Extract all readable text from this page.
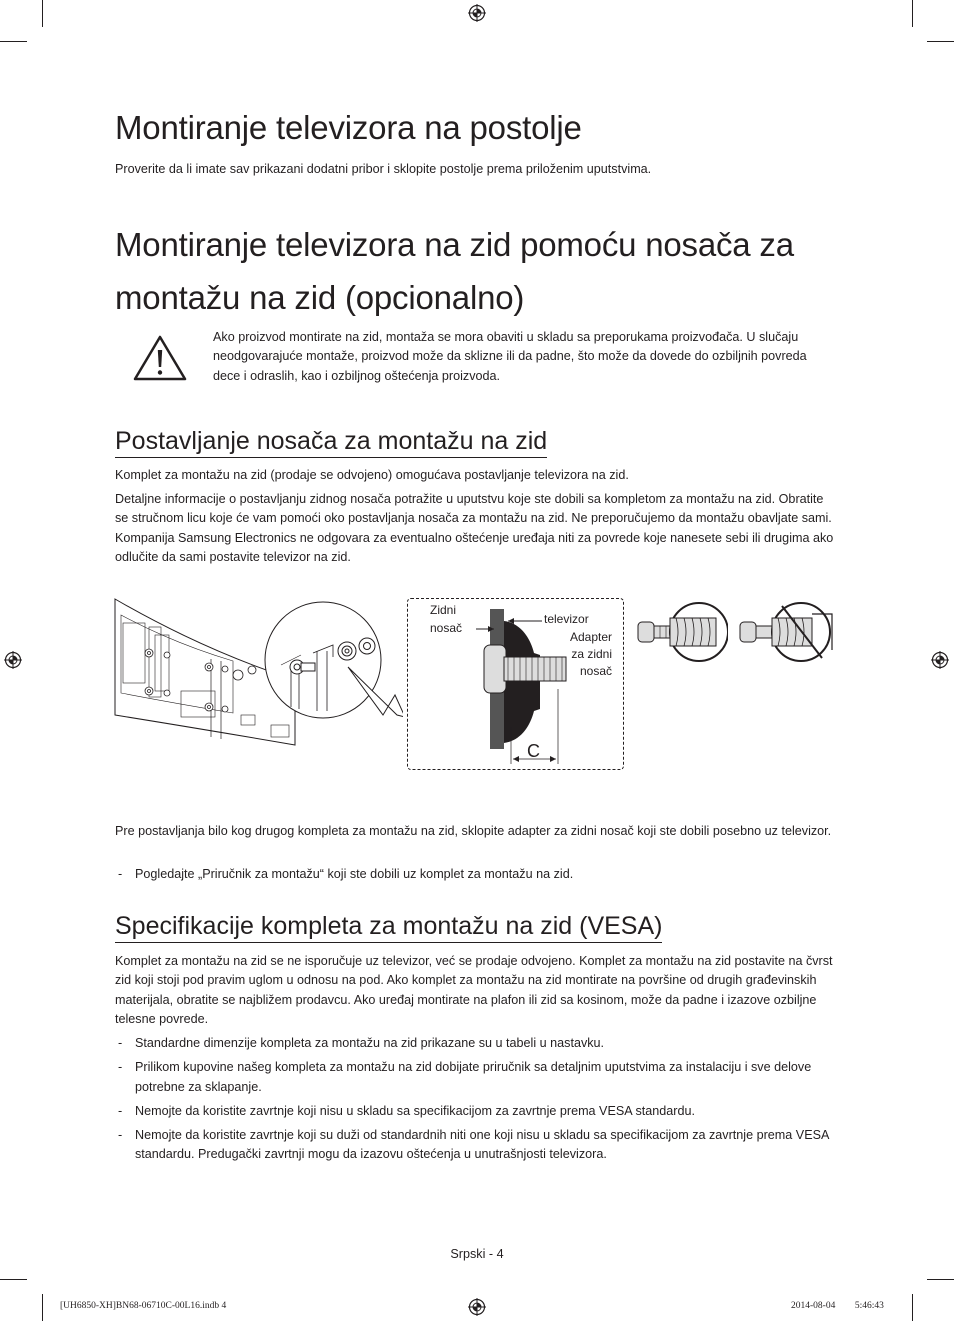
Montiranje televizora na postolje

Proverite da li imate sav prikazani dodatni pribor i sklopite postolje prema priloženim uputstvima.

Montiranje televizora na zid pomoću nosača za
montažu na zid (opcionalno)

Ako proizvod montirate na zid, montaža se mora obaviti u skladu sa preporukama proizvođača. U slučaju neodgovarajuće montaže, proizvod može da sklizne ili da padne, što može da dovede do ozbiljnih povreda dece i odraslih, kao i ozbiljnog oštećenja proizvoda.

Postavljanje nosača za montažu na zid

Komplet za montažu na zid (prodaje se odvojeno) omogućava postavljanje televizora na zid.

Detaljne informacije o postavljanju zidnog nosača potražite u uputstvu koje ste dobili sa kompletom za montažu na zid. Obratite se stručnom licu koje će vam pomoći oko postavljanja nosača za montažu na zid. Ne preporučujemo da montažu obavljate sami. Kompanija Samsung Electronics ne odgovara za eventualno oštećenje uređaja niti za povrede koje nanesete sebi ili drugima ako odlučite da sami postavite televizor na zid.

Zidni
nosač
televizor
Adapter
za zidni
nosač
C

Pre postavljanja bilo kog drugog kompleta za montažu na zid, sklopite adapter za zidni nosač koji ste dobili posebno uz televizor.

- Pogledajte „Priručnik za montažu“ koji ste dobili uz komplet za montažu na zid.
Specifikacije kompleta za montažu na zid (VESA)

Komplet za montažu na zid se ne isporučuje uz televizor, već se prodaje odvojeno. Komplet za montažu na zid postavite na čvrst zid koji stoji pod pravim uglom u odnosu na pod. Ako komplet za montažu na zid montirate na površine od drugih građevinskih materijala, obratite se najbližem prodavcu. Ako uređaj montirate na plafon ili zid sa kosinom, može da padne i izazove ozbiljne telesne povrede.

- Standardne dimenzije kompleta za montažu na zid prikazane su u tabeli u nastavku.
- Prilikom kupovine našeg kompleta za montažu na zid dobijate priručnik sa detaljnim uputstvima za instalaciju i sve delove potrebne za sklapanje.
- Nemojte da koristite zavrtnje koji nisu u skladu sa specifikacijom za zavrtnje prema VESA standardu.
- Nemojte da koristite zavrtnje koji su duži od standardnih niti one koji nisu u skladu sa specifikacijom za zavrtnje prema VESA standardu. Predugački zavrtnji mogu da izazovu oštećenja u unutrašnjosti televizora.
Srpski - 4
[UH6850-XH]BN68-06710C-00L16.indb 4	2014-08-04 ￿￿ 5:46:43
